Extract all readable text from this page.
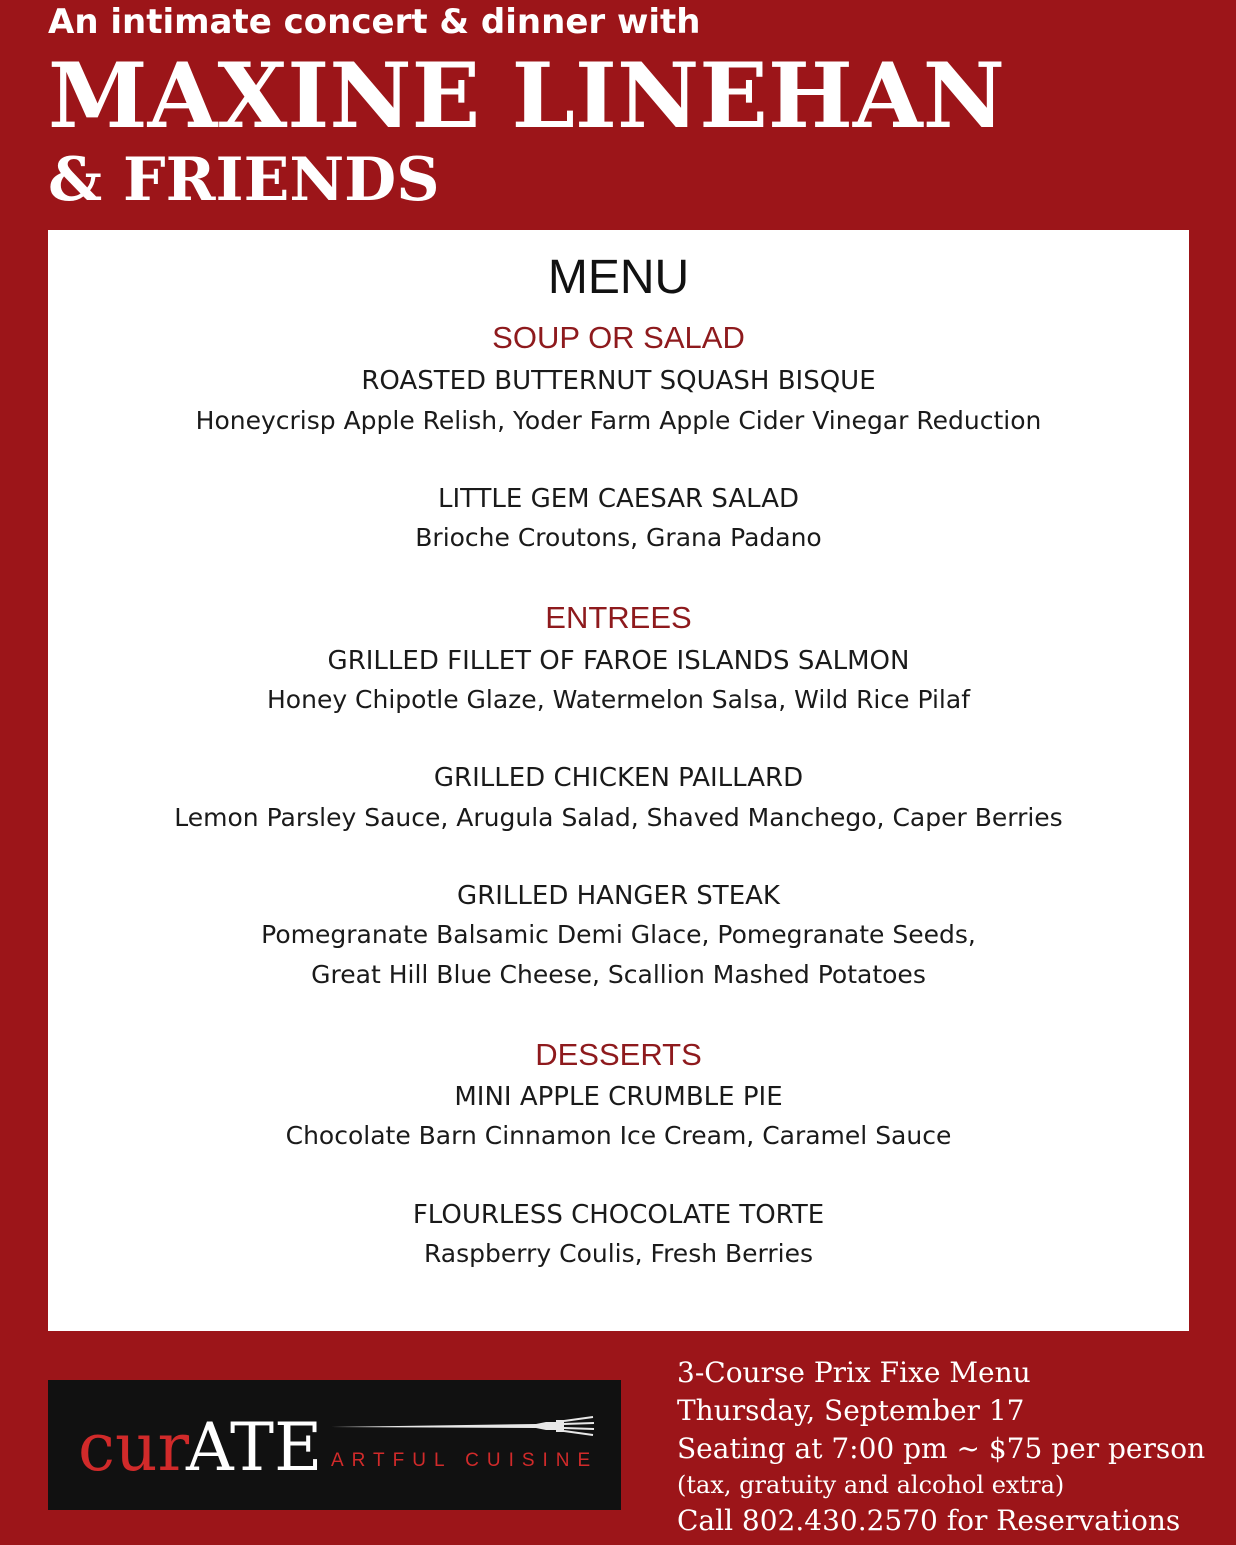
An intimate concert & dinner with
MAXINE LINEHAN
& FRIENDS
MENU
SOUP OR SALAD
ROASTED BUTTERNUT SQUASH BISQUE
Honeycrisp Apple Relish, Yoder Farm Apple Cider Vinegar Reduction
LITTLE GEM CAESAR SALAD
Brioche Croutons, Grana Padano
ENTREES
GRILLED FILLET OF FAROE ISLANDS SALMON
Honey Chipotle Glaze, Watermelon Salsa, Wild Rice Pilaf
GRILLED CHICKEN PAILLARD
Lemon Parsley Sauce, Arugula Salad, Shaved Manchego, Caper Berries
GRILLED HANGER STEAK
Pomegranate Balsamic Demi Glace, Pomegranate Seeds,
Great Hill Blue Cheese, Scallion Mashed Potatoes
DESSERTS
MINI APPLE CRUMBLE PIE
Chocolate Barn Cinnamon Ice Cream, Caramel Sauce
FLOURLESS CHOCOLATE TORTE
Raspberry Coulis, Fresh Berries
cur
ATE ARTFUL CUISINE
3-Course Prix Fixe Menu
Thursday, September 17
Seating at 7:00 pm ~ $75 per person
(tax, gratuity and alcohol extra)
Call 802.430.2570 for Reservations
